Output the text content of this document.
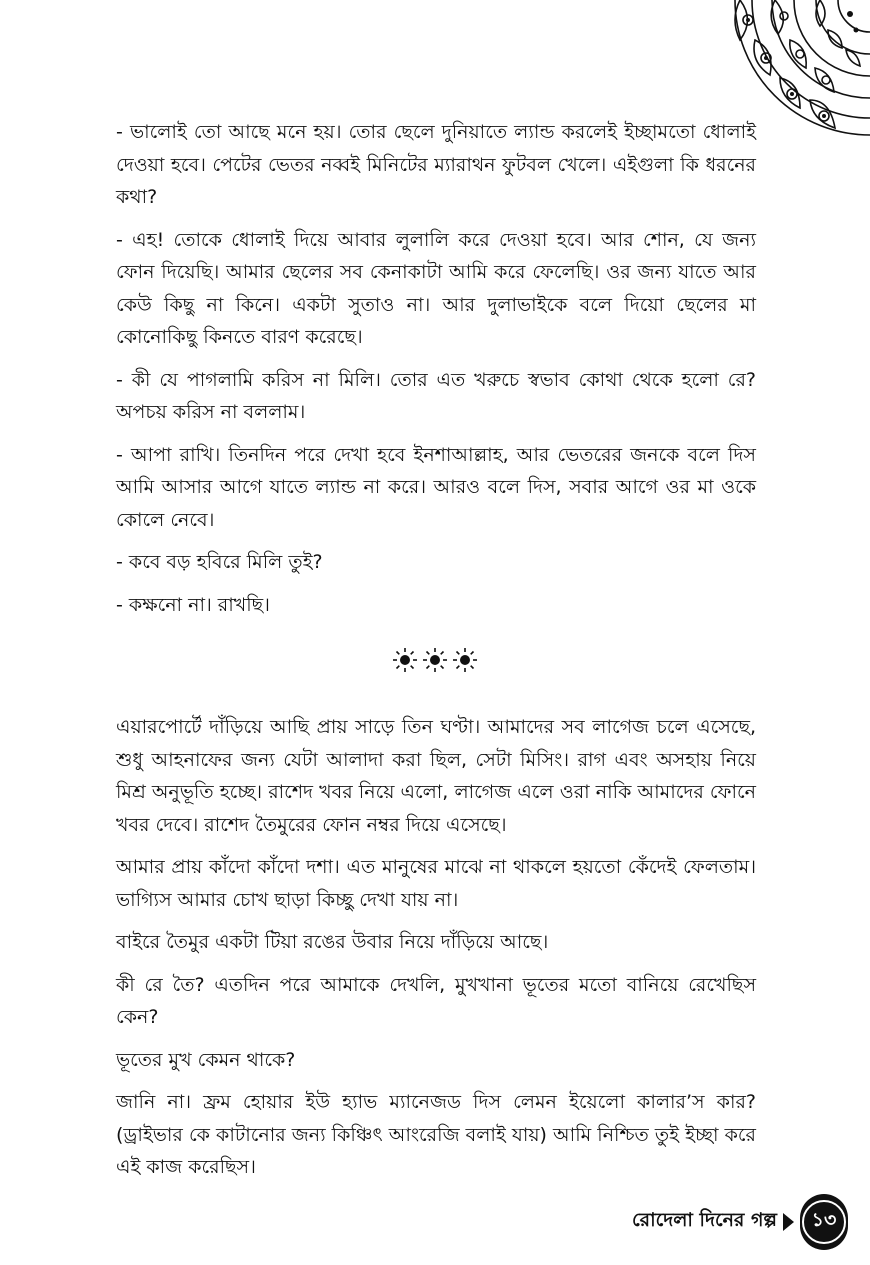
- ভালোই তো আছে মনে হয়। তোর ছেলে দুনিয়াতে ল্যান্ড করলেই ইচ্ছামতো ধোলাই দেওয়া হবে। পেটের ভেতর নব্বই মিনিটের ম্যারাথন ফুটবল খেলে। এইগুলা কি ধরনের কথা?

- এহ! তোকে ধোলাই দিয়ে আবার লুলালি করে দেওয়া হবে। আর শোন, যে জন্য ফোন দিয়েছি। আমার ছেলের সব কেনাকাটা আমি করে ফেলেছি। ওর জন্য যাতে আর কেউ কিছু না কিনে। একটা সুতাও না। আর দুলাভাইকে বলে দিয়ো ছেলের মা কোনোকিছু কিনতে বারণ করেছে।

- কী যে পাগলামি করিস না মিলি। তোর এত খরুচে স্বভাব কোথা থেকে হলো রে? অপচয় করিস না বললাম।

- আপা রাখি। তিনদিন পরে দেখা হবে ইনশাআল্লাহ, আর ভেতরের জনকে বলে দিস আমি আসার আগে যাতে ল্যান্ড না করে। আরও বলে দিস, সবার আগে ওর মা ওকে কোলে নেবে।

- কবে বড় হবিরে মিলি তুই?

- কক্ষনো না। রাখছি।

এয়ারপোর্টে দাঁড়িয়ে আছি প্রায় সাড়ে তিন ঘণ্টা। আমাদের সব লাগেজ চলে এসেছে, শুধু আহনাফের জন্য যেটা আলাদা করা ছিল, সেটা মিসিং। রাগ এবং অসহায় নিয়ে মিশ্র অনুভূতি হচ্ছে। রাশেদ খবর নিয়ে এলো, লাগেজ এলে ওরা নাকি আমাদের ফোনে খবর দেবে। রাশেদ তৈমুরের ফোন নম্বর দিয়ে এসেছে।

আমার প্রায় কাঁদো কাঁদো দশা। এত মানুষের মাঝে না থাকলে হয়তো কেঁদেই ফেলতাম। ভাগ্যিস আমার চোখ ছাড়া কিচ্ছু দেখা যায় না।

বাইরে তৈমুর একটা টিয়া রঙের উবার নিয়ে দাঁড়িয়ে আছে।

কী রে তৈ? এতদিন পরে আমাকে দেখলি, মুখখানা ভূতের মতো বানিয়ে রেখেছিস কেন?

ভূতের মুখ কেমন থাকে?

জানি না। ফ্রম হোয়ার ইউ হ্যাভ ম্যানেজড দিস লেমন ইয়েলো কালার’স কার? (ড্রাইভার কে কাটানোর জন্য কিঞ্চিৎ আংরেজি বলাই যায়) আমি নিশ্চিত তুই ইচ্ছা করে এই কাজ করেছিস।

রোদেলা দিনের গল্প ১৩
